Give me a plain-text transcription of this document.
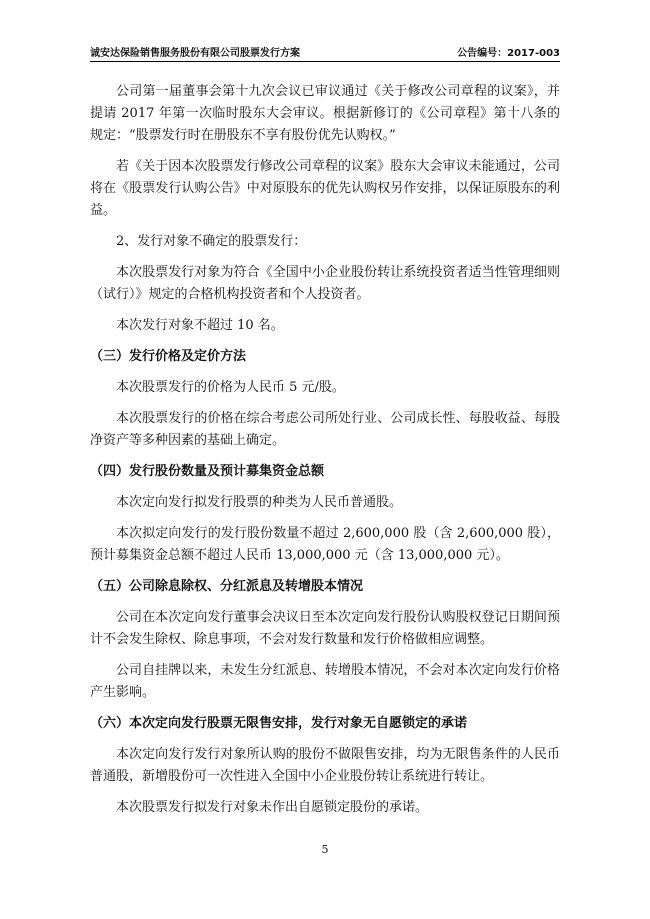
诚安达保险销售服务股份有限公司股票发行方案	公告编号：2017-003

公司第一届董事会第十九次会议已审议通过《关于修改公司章程的议案》，并提请 2017 年第一次临时股东大会审议。根据新修订的《公司章程》第十八条的规定：“股票发行时在册股东不享有股份优先认购权。”

若《关于因本次股票发行修改公司章程的议案》股东大会审议未能通过，公司将在《股票发行认购公告》中对原股东的优先认购权另作安排，以保证原股东的利益。

2、发行对象不确定的股票发行：

本次股票发行对象为符合《全国中小企业股份转让系统投资者适当性管理细则（试行）》规定的合格机构投资者和个人投资者。

本次发行对象不超过 10 名。

（三）发行价格及定价方法

本次股票发行的价格为人民币 5 元/股。

本次股票发行的价格在综合考虑公司所处行业、公司成长性、每股收益、每股净资产等多种因素的基础上确定。

（四）发行股份数量及预计募集资金总额

本次定向发行拟发行股票的种类为人民币普通股。

本次拟定向发行的发行股份数量不超过 2,600,000 股（含 2,600,000 股），预计募集资金总额不超过人民币 13,000,000 元（含 13,000,000 元）。

（五）公司除息除权、分红派息及转增股本情况

公司在本次定向发行董事会决议日至本次定向发行股份认购股权登记日期间预计不会发生除权、除息事项，不会对发行数量和发行价格做相应调整。

公司自挂牌以来，未发生分红派息、转增股本情况，不会对本次定向发行价格产生影响。

（六）本次定向发行股票无限售安排，发行对象无自愿锁定的承诺

本次定向发行发行对象所认购的股份不做限售安排，均为无限售条件的人民币普通股，新增股份可一次性进入全国中小企业股份转让系统进行转让。

本次股票发行拟发行对象未作出自愿锁定股份的承诺。

5
